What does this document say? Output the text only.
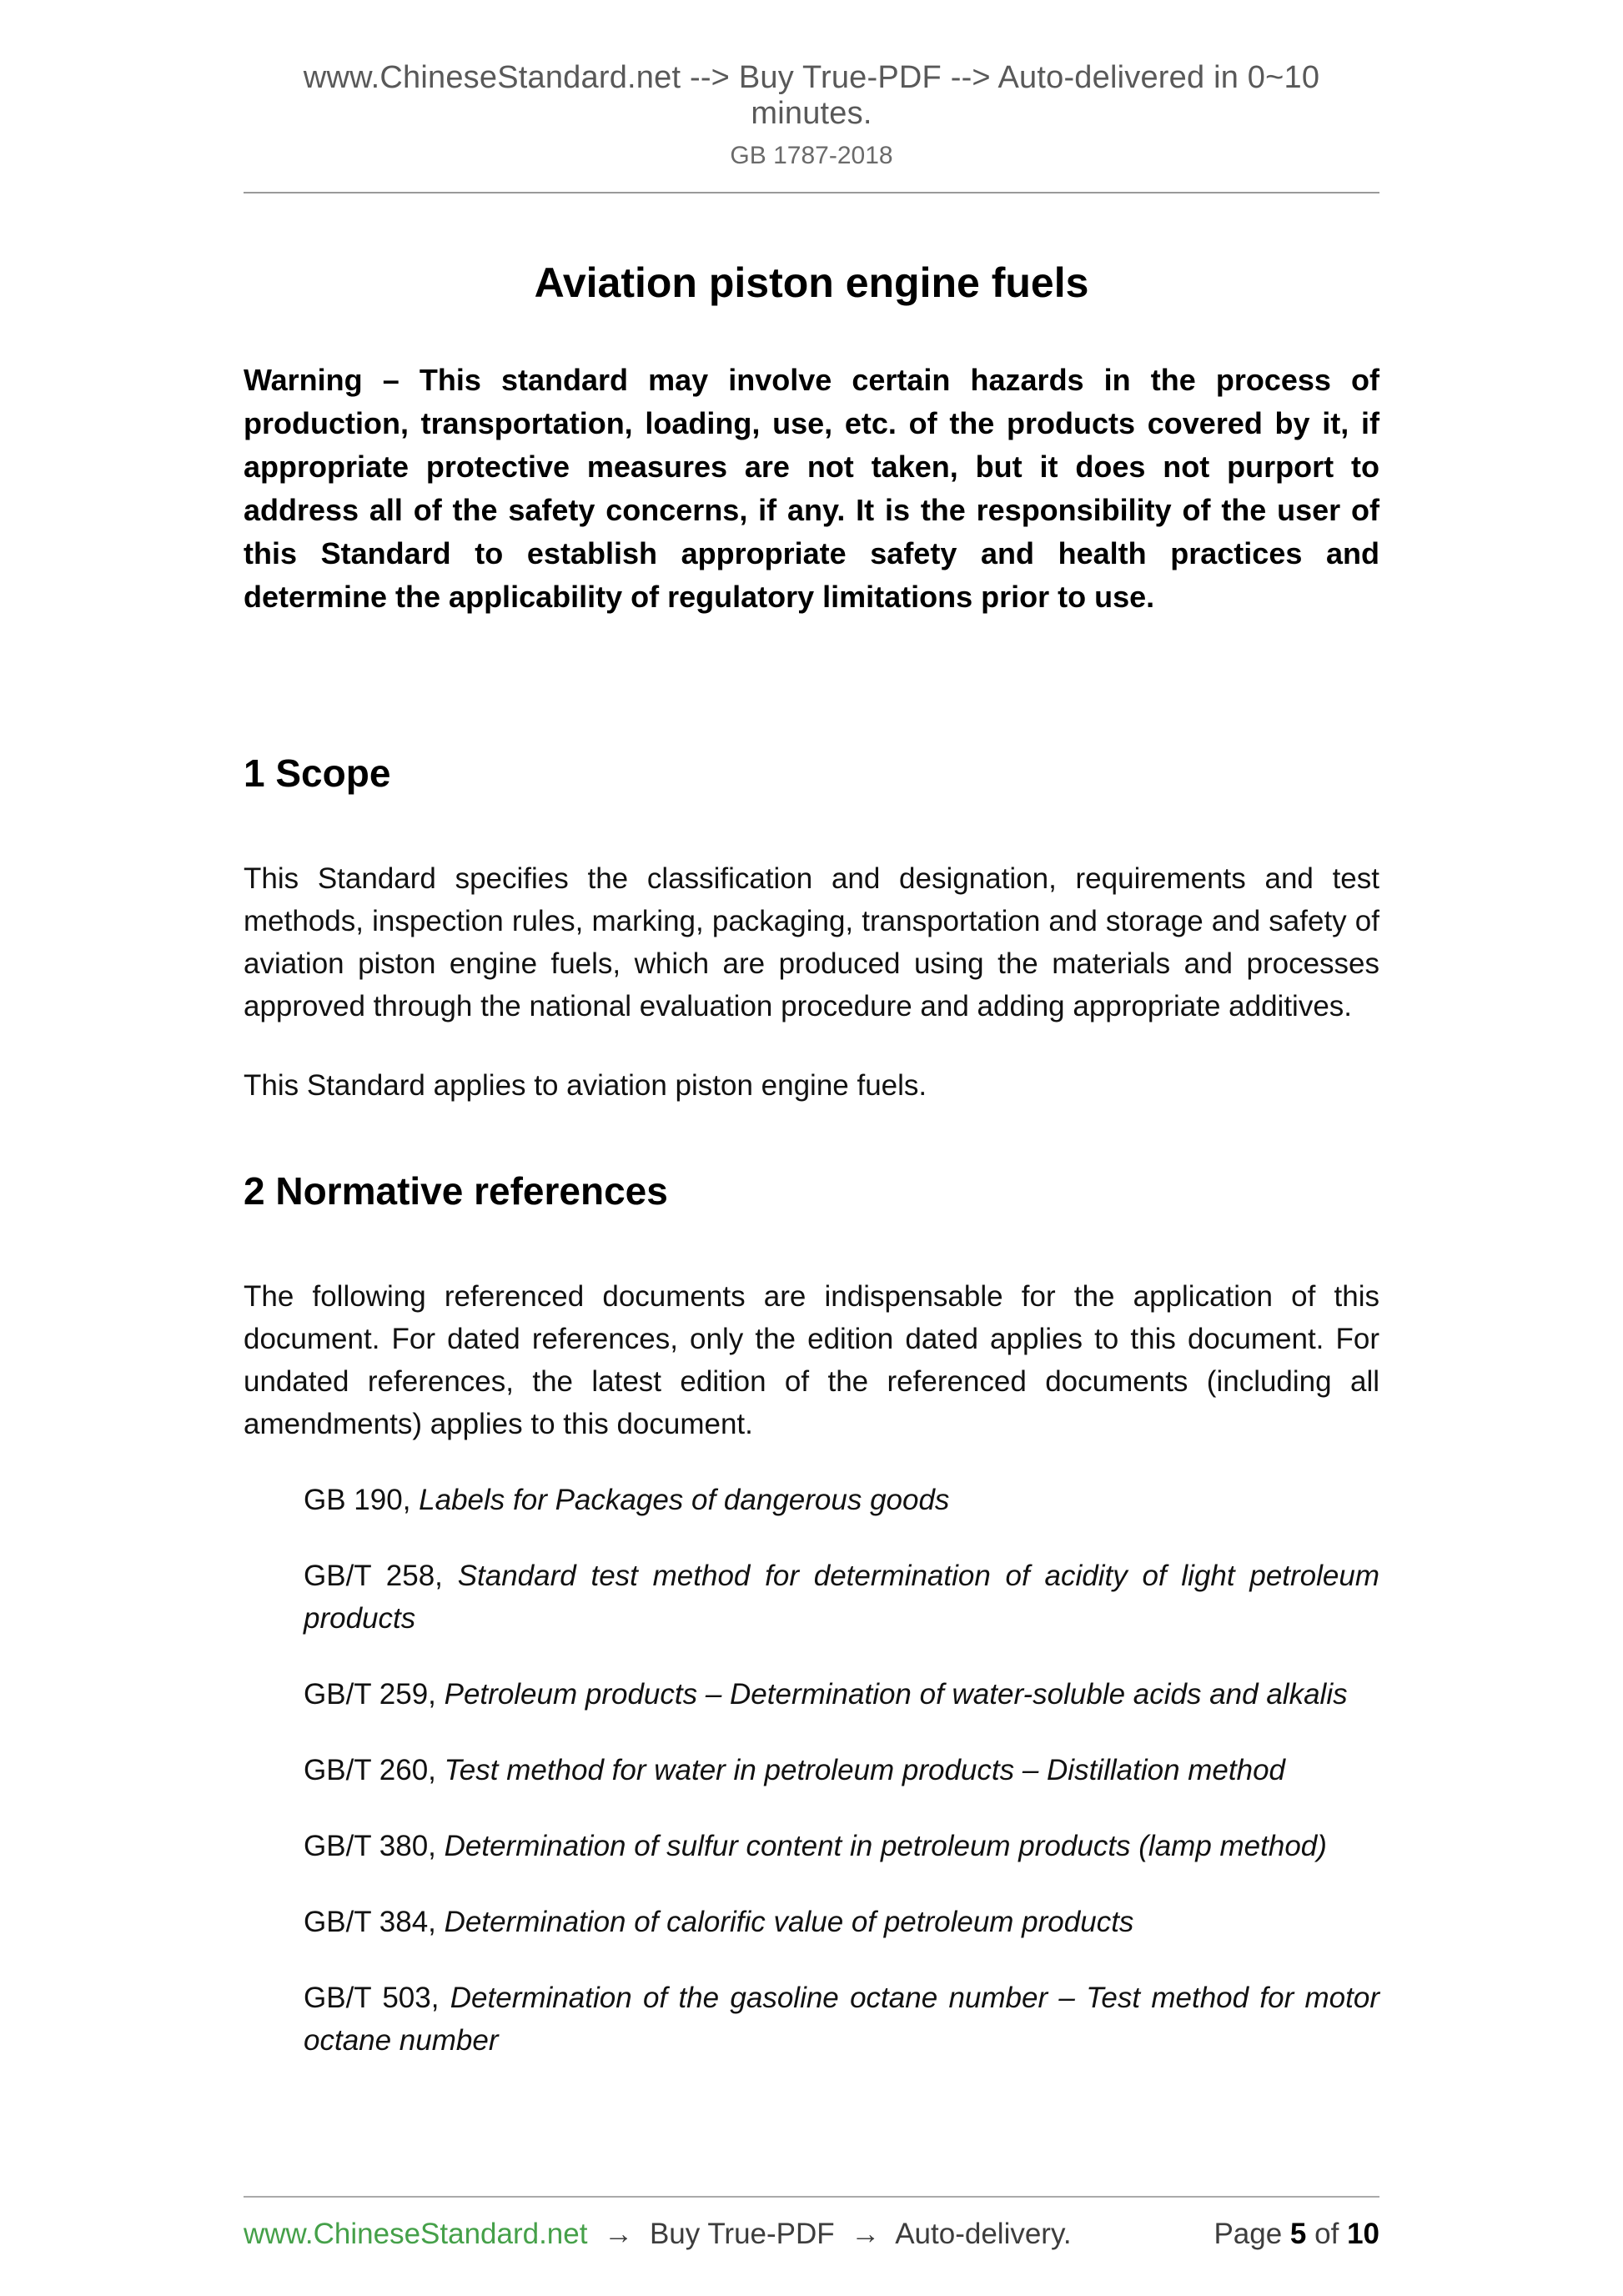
www.ChineseStandard.net --> Buy True-PDF --> Auto-delivered in 0~10 minutes.
GB 1787-2018
Aviation piston engine fuels

Warning – This standard may involve certain hazards in the process of production, transportation, loading, use, etc. of the products covered by it, if appropriate protective measures are not taken, but it does not purport to address all of the safety concerns, if any. It is the responsibility of the user of this Standard to establish appropriate safety and health practices and determine the applicability of regulatory limitations prior to use.

1 Scope

This Standard specifies the classification and designation, requirements and test methods, inspection rules, marking, packaging, transportation and storage and safety of aviation piston engine fuels, which are produced using the materials and processes approved through the national evaluation procedure and adding appropriate additives.

This Standard applies to aviation piston engine fuels.

2 Normative references

The following referenced documents are indispensable for the application of this document. For dated references, only the edition dated applies to this document. For undated references, the latest edition of the referenced documents (including all amendments) applies to this document.

GB 190, Labels for Packages of dangerous goods

GB/T 258, Standard test method for determination of acidity of light petroleum products

GB/T 259, Petroleum products – Determination of water-soluble acids and alkalis

GB/T 260, Test method for water in petroleum products – Distillation method

GB/T 380, Determination of sulfur content in petroleum products (lamp method)

GB/T 384, Determination of calorific value of petroleum products

GB/T 503, Determination of the gasoline octane number – Test method for motor octane number

www.ChineseStandard.net → Buy True-PDF → Auto-delivery.	Page 5 of 10
